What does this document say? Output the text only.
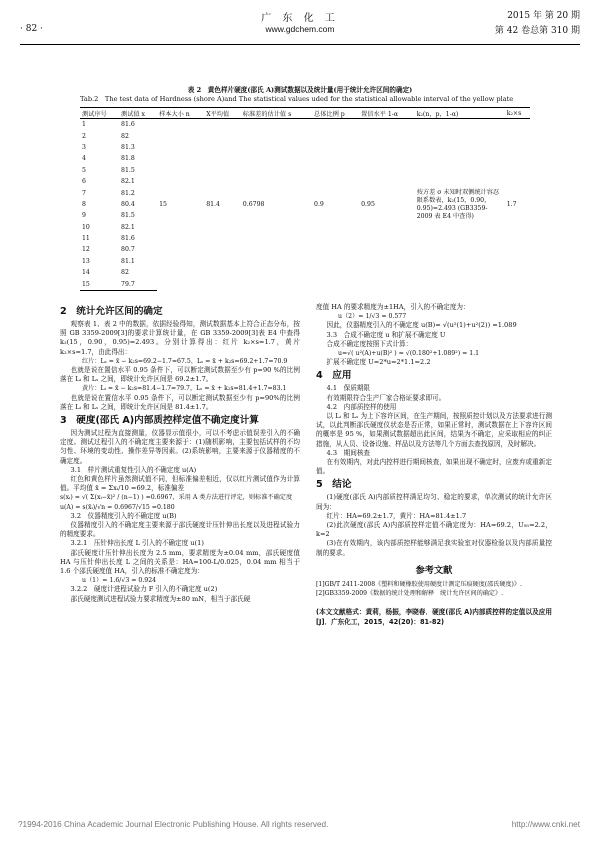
· 82 ·
广 东 化 工
www.gdchem.com
2015 年 第 20 期
第 42 卷总第 310 期
表 2　黄色样片硬度(邵氏 A)测试数据以及统计量(用于统计允许区间的确定)
Tab.2　The test data of Hardness (shore A)and The statistical values uded for the statistical allowable interval of the yellow plate
测试序号	测试值 x	样本大小 n	X平均值	标准差的估计值 s	总体比例 p	置信水平 1-α	k₂(n，p，1-α)	k₂×s
1	81.6	15	81.4	0.6798	0.9	0.95	按方差 σ 未知时双侧统计容忍限系数表，k₂(15，0.90，0.95)=2.493 (GB3359-2009 表 E4 中查得)	1.7
2	82							
3	81.3							
4	81.8							
5	81.5							
6	82.1							
7	81.2							
8	80.4							
9	81.5							
10	82.1							
11	81.6							
12	80.7							
13	81.1							
14	82							
15	79.7							
2　统计允许区间的确定

观察表 1、表 2 中的数据，依据经验得知，测试数据基本上符合正态分布，按照 GB 3359-2009[3]的要求计算统计量，在 GB 3359-2009[3]表 E4 中查得 k₂(15，0.90，0.95)=2.493。分别计算得出：红片 k₂×s=1.7，黄片 k₂×s=1.7，由此得出：

红片：Lₛ = x̄ − k₂s=69.2−1.7=67.5，Lₛ = x̄ + k₂s=69.2+1.7=70.9

也就是说在置信水平 0.95 条件下，可以断定测试数据至少有 p=90 %的比例落在 Lᵢ 和 Lₛ 之间，即统计允许区间是 69.2±1.7。

黄片：Lᵢ = x̄ − k₂s=81.4−1.7=79.7，Lₛ = x̄ + k₂s=81.4+1.7=83.1

也就是说在置信水平 0.95 条件下，可以断定测试数据至少有 p=90%的比例落在 Lᵢ 和 Lₛ 之间，即统计允许区间是 81.4±1.7。

3　硬度(邵氏 A)内部质控样定值不确定度计算

因为测试过程为直接测量，仪器显示值很小，可以不考虑示值误差引入的不确定度。测试过程引入的不确定度主要来源于：(1)随机影响，主要包括试样的不均匀性、环境的变动性、操作差异等因素。(2)系统影响，主要来源于仪器精度的不确定度。

3.1　样片测试重复性引入的不确定度 u(A)

红色和黄色样片虽然测试值不同，但标准偏差相近，仅以红片测试值作为计算值。平均值 x̄ = Σxᵢ/10 =69.2，标准偏差

s(xᵢ) = √( Σ(xᵢ−x̄)² / (n−1) ) =0.6967，采用 A 类方法进行评定，则标准不确定度

u(A) = s(x̄ᵢ)/√n = 0.6967/√15 =0.180

3.2　仪器精度引入的不确定度 u(B)

仪器精度引入的不确定度主要来源于邵氏硬度计压针伸出长度以及进程试验力的精度要求。

3.2.1　压针伸出长度 L 引入的不确定度 u(1)

邵氏硬度计压针伸出长度为 2.5 mm，要求精度为±0.04 mm，邵氏硬度值 HA 与压针伸出长度 L 之间的关系是：HA=100-L/0.025，0.04 mm 相当于 1.6 个邵氏硬度值 HA，引入的标准不确定度为：

u（1）= 1.6/√3 = 0.924

3.2.2　硬度计进程试验力 F 引入的不确定度 u(2)

邵氏硬度测试进程试验力要求精度为±80 mN，相当于邵氏硬

度值 HA 的要求精度为±1HA，引入的不确定度为：

u（2）= 1/√3 = 0.577

因此，仪器精度引入的不确定度 u(B)= √(u²(1)+u²(2)) =1.089

3.3　合成不确定度 u 和扩展不确定度 U

合成不确定度按照下式计算：

u=√( u²(A)+u(B)² ) = √(0.180²+1.089²) = 1.1

扩展不确定度 U=2*u=2*1.1=2.2

4　应用

4.1　保质期限

有效期限符合生产厂家合格证要求即可。

4.2　内部质控样的使用

以 Lᵢ 和 Lₛ 为上下容许区间，在生产期间，按照质控计划以及方法要求进行测试，以此判断邵氏硬度仪状态是否正常，如果正常时，测试数据在上下容许区间的概率是 95 %，如果测试数据超出此区间，结果为不确定，应采取相应的纠正措施，从人员、设备设施、样品以及方法等几个方面去查找原因，及时解决。

4.3　期间核查

在有效期内，对此内控样进行期间核查，如果出现不确定时，应废弃或重新定值。

5　结论

(1)硬度(邵氏 A)内部质控样满足均匀、稳定的要求，单次测试的统计允许区间为：

红片：HA=69.2±1.7，黄片：HA=81.4±1.7

(2)此次硬度(邵氏 A)内部质控样定值不确定度为：HA=69.2，U₉₅=2.2，k=2

(3)在有效期内，该内部质控样能够满足我实验室对仪器检验以及内部质量控制的要求。

参考文献

[1]GB/T 2411-2008《塑料和硬橡胶使用硬度计测定压痕硬度(邵氏硬度)》.

[2]GB3359-2009《数据的统计处理和解释　统计允许区间的确定》.

(本文文献格式：黄莉，杨振，李晓春．硬度(邵氏 A)内部质控样的定值以及应用[J]．广东化工，2015，42(20)：81-82)

?1994-2016 China Academic Journal Electronic Publishing House. All rights reserved.	http://www.cnki.net
